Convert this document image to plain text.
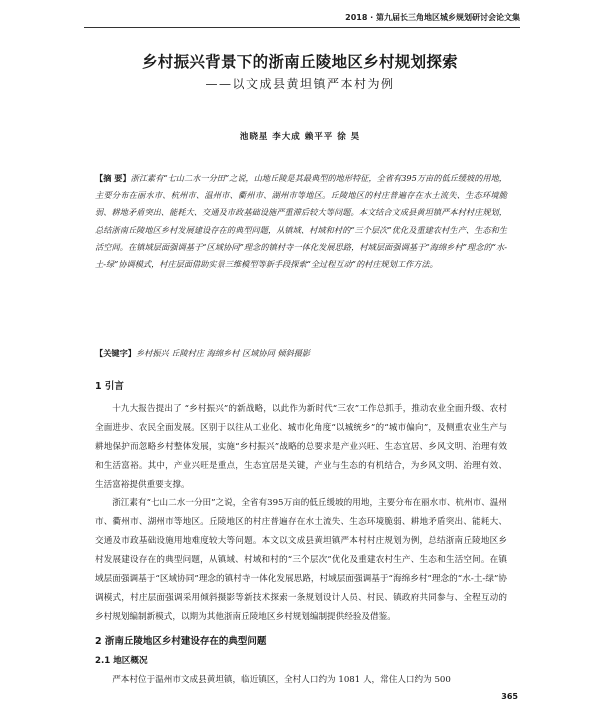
2018 · 第九届长三角地区城乡规划研讨会论文集
乡村振兴背景下的浙南丘陵地区乡村规划探索
——以文成县黄坦镇严本村为例
池晓星 李大成 赖平平 徐 昊
【摘 要】浙江素有“七山二水一分田”之说，山地丘陵是其最典型的地形特征，全省有395万亩的低丘缓坡的用地，主要分布在丽水市、杭州市、温州市、衢州市、湖州市等地区。丘陵地区的村庄普遍存在水土流失、生态环境脆弱、耕地矛盾突出、能耗大、交通及市政基础设施严重滞后较大等问题。本文结合文成县黄坦镇严本村村庄规划，总结浙南丘陵地区乡村发展建设存在的典型问题，从镇域、村域和村的“三个层次”优化及重建农村生产、生态和生活空间。在镇域层面强调基于“区域协同”理念的镇村寺一体化发展思路，村域层面强调基于“海绵乡村”理念的“水-土-绿”协调模式，村庄层面借助实景三维模型等新手段探索“全过程互动”的村庄规划工作方法。
【关键字】乡村振兴 丘陵村庄 海绵乡村 区域协同 倾斜摄影
1 引言

十九大报告提出了 “乡村振兴”的新战略，以此作为新时代“三农”工作总抓手，推动农业全面升级、农村全面进步、农民全面发展。区别于以往从工业化、城市化角度“以城统乡”的“城市偏向”，及侧重农业生产与耕地保护而忽略乡村整体发展，实施“乡村振兴”战略的总要求是产业兴旺、生态宜居、乡风文明、治理有效和生活富裕。其中，产业兴旺是重点，生态宜居是关键，产业与生态的有机结合，为乡风文明、治理有效、生活富裕提供重要支撑。

浙江素有“七山二水一分田”之说，全省有395万亩的低丘缓坡的用地，主要分布在丽水市、杭州市、温州市、衢州市、湖州市等地区。丘陵地区的村庄普遍存在水土流失、生态环境脆弱、耕地矛盾突出、能耗大、交通及市政基础设施用地难度较大等问题。本文以文成县黄坦镇严本村村庄规划为例，总结浙南丘陵地区乡村发展建设存在的典型问题，从镇域、村域和村的“三个层次”优化及重建农村生产、生态和生活空间。在镇域层面强调基于“区域协同”理念的镇村寺一体化发展思路，村域层面强调基于“海绵乡村”理念的“水-土-绿”协调模式，村庄层面强调采用倾斜摄影等新技术探索一条规划设计人员、村民、镇政府共同参与、全程互动的乡村规划编制新模式，以期为其他浙南丘陵地区乡村规划编制提供经验及借鉴。

2 浙南丘陵地区乡村建设存在的典型问题
2.1 地区概况

严本村位于温州市文成县黄坦镇，临近镇区，全村人口约为 1081 人，常住人口约为 500

365
